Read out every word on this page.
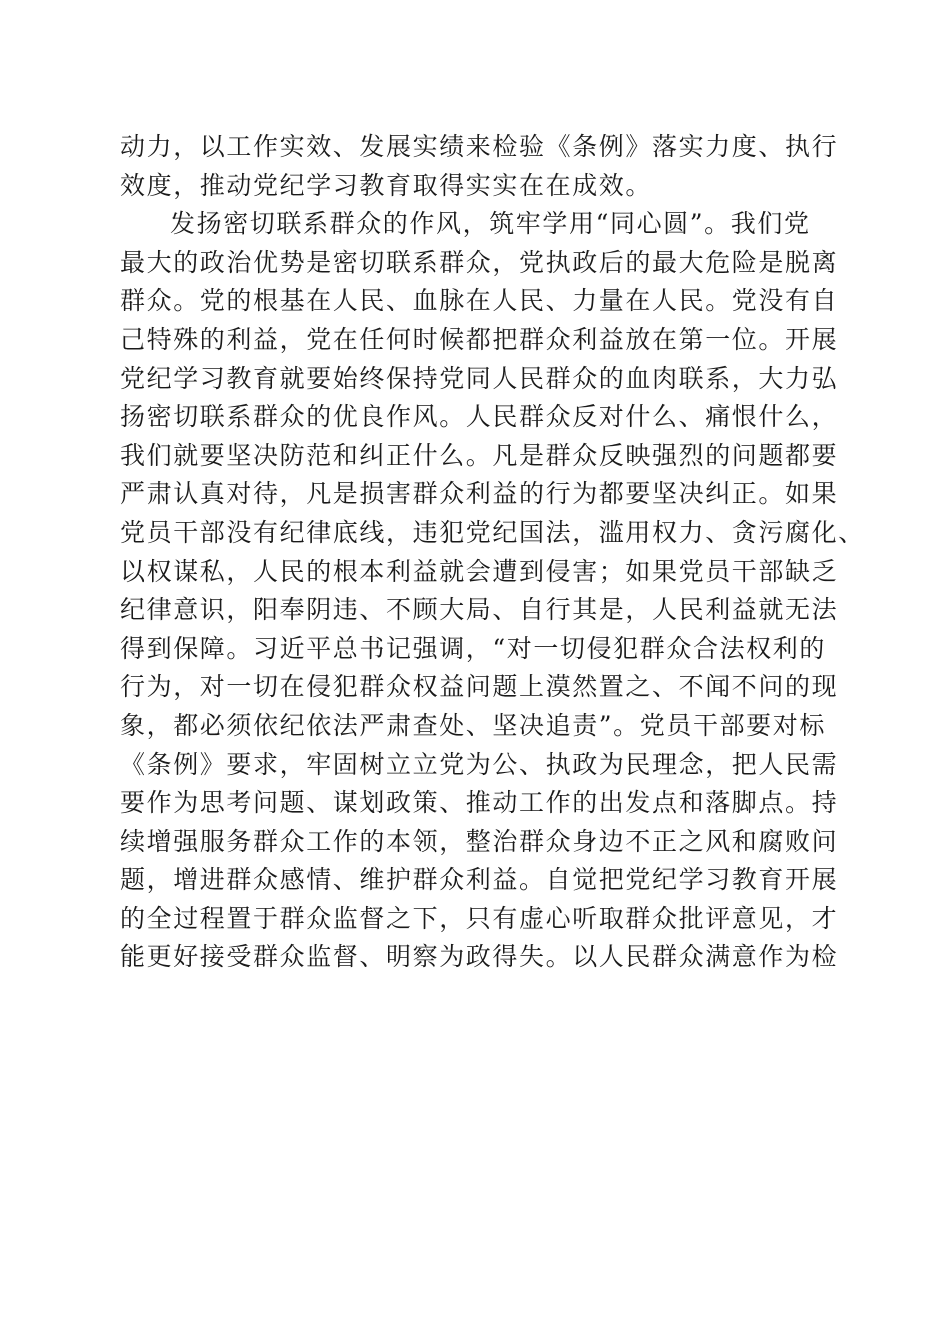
动力，以工作实效、发展实绩来检验《条例》落实力度、执行
效度，推动党纪学习教育取得实实在在成效。
发扬密切联系群众的作风，筑牢学用“同心圆”。我们党
最大的政治优势是密切联系群众，党执政后的最大危险是脱离
群众。党的根基在人民、血脉在人民、力量在人民。党没有自
己特殊的利益，党在任何时候都把群众利益放在第一位。开展
党纪学习教育就要始终保持党同人民群众的血肉联系，大力弘
扬密切联系群众的优良作风。人民群众反对什么、痛恨什么，
我们就要坚决防范和纠正什么。凡是群众反映强烈的问题都要
严肃认真对待，凡是损害群众利益的行为都要坚决纠正。如果
党员干部没有纪律底线，违犯党纪国法，滥用权力、贪污腐化、
以权谋私，人民的根本利益就会遭到侵害；如果党员干部缺乏
纪律意识，阳奉阴违、不顾大局、自行其是，人民利益就无法
得到保障。习近平总书记强调，“对一切侵犯群众合法权利的
行为，对一切在侵犯群众权益问题上漠然置之、不闻不问的现
象，都必须依纪依法严肃查处、坚决追责”。党员干部要对标
《条例》要求，牢固树立立党为公、执政为民理念，把人民需
要作为思考问题、谋划政策、推动工作的出发点和落脚点。持
续增强服务群众工作的本领，整治群众身边不正之风和腐败问
题，增进群众感情、维护群众利益。自觉把党纪学习教育开展
的全过程置于群众监督之下，只有虚心听取群众批评意见，才
能更好接受群众监督、明察为政得失。以人民群众满意作为检
